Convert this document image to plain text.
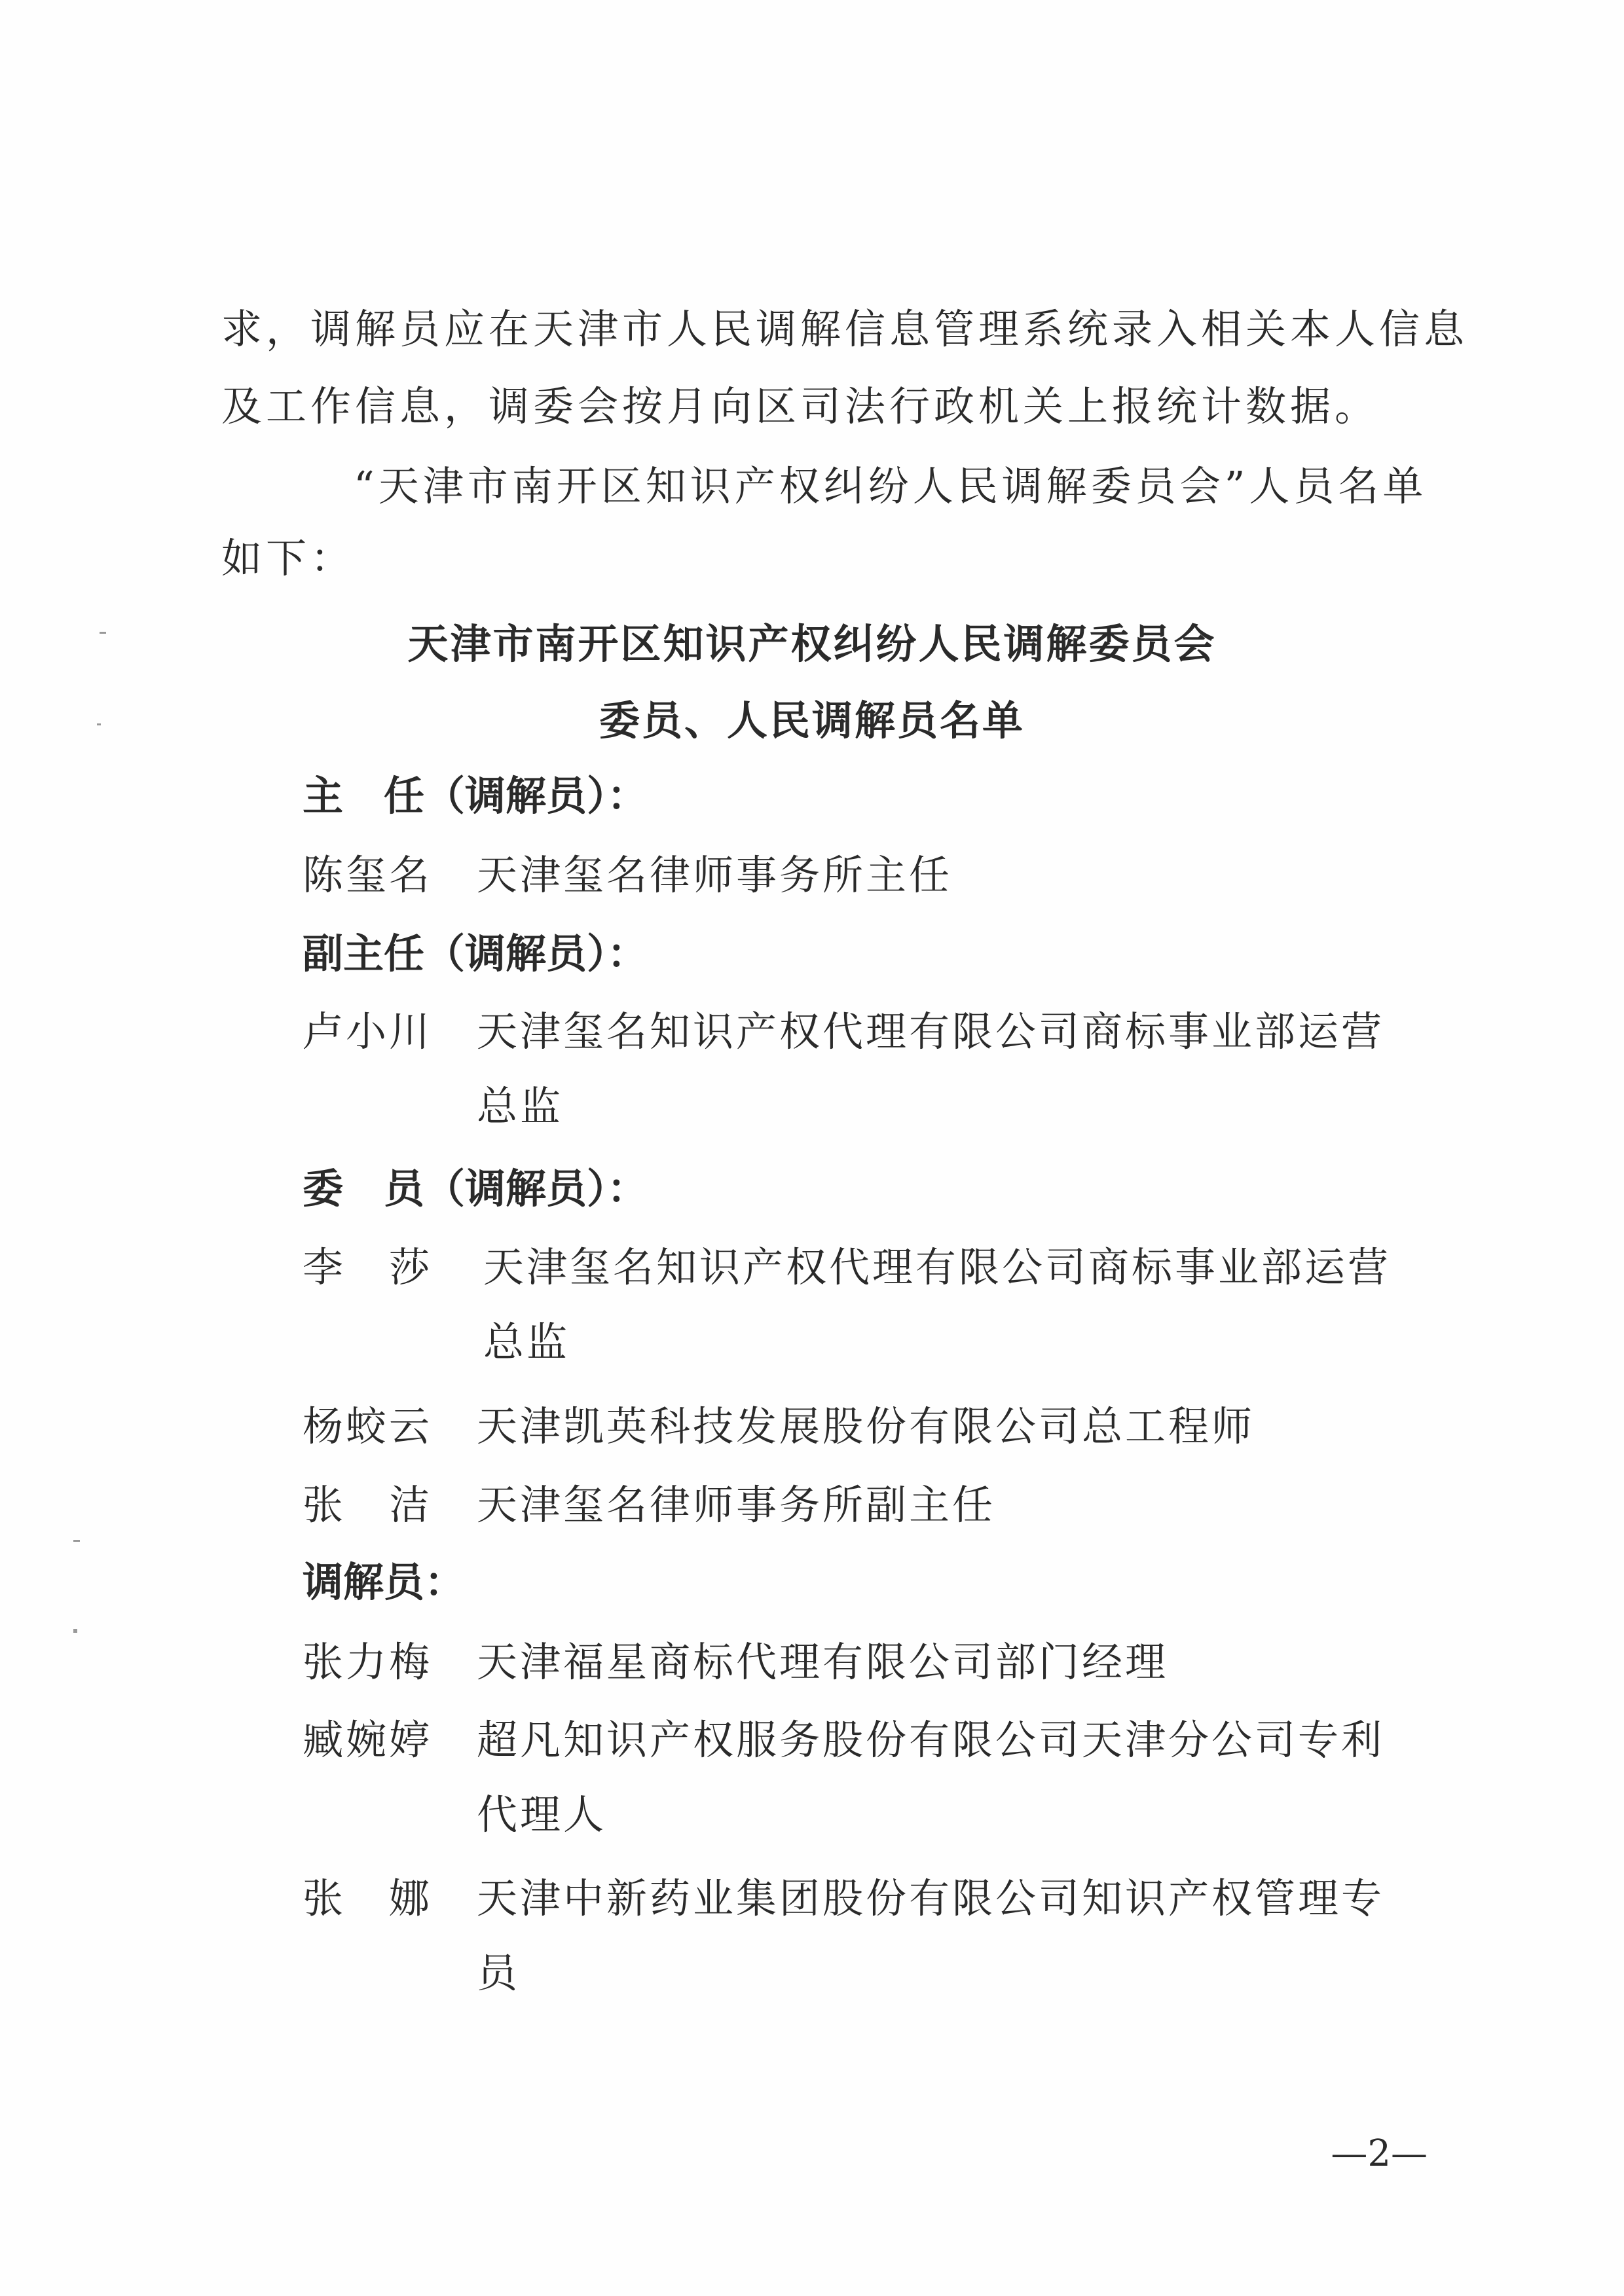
求，调解员应在天津市人民调解信息管理系统录入相关本人信息
及工作信息，调委会按月向区司法行政机关上报统计数据。
“天津市南开区知识产权纠纷人民调解委员会”人员名单
如下：
天津市南开区知识产权纠纷人民调解委员会
委员、人民调解员名单
主　任（调解员）：
陈玺名	天津玺名律师事务所主任
副主任（调解员）：
卢小川	天津玺名知识产权代理有限公司商标事业部运营总监
委　员（调解员）：
李　莎	天津玺名知识产权代理有限公司商标事业部运营总监
杨蛟云	天津凯英科技发展股份有限公司总工程师
张　洁	天津玺名律师事务所副主任
调解员：
张力梅	天津福星商标代理有限公司部门经理
臧婉婷	超凡知识产权服务股份有限公司天津分公司专利代理人
张　娜	天津中新药业集团股份有限公司知识产权管理专员
—2—
